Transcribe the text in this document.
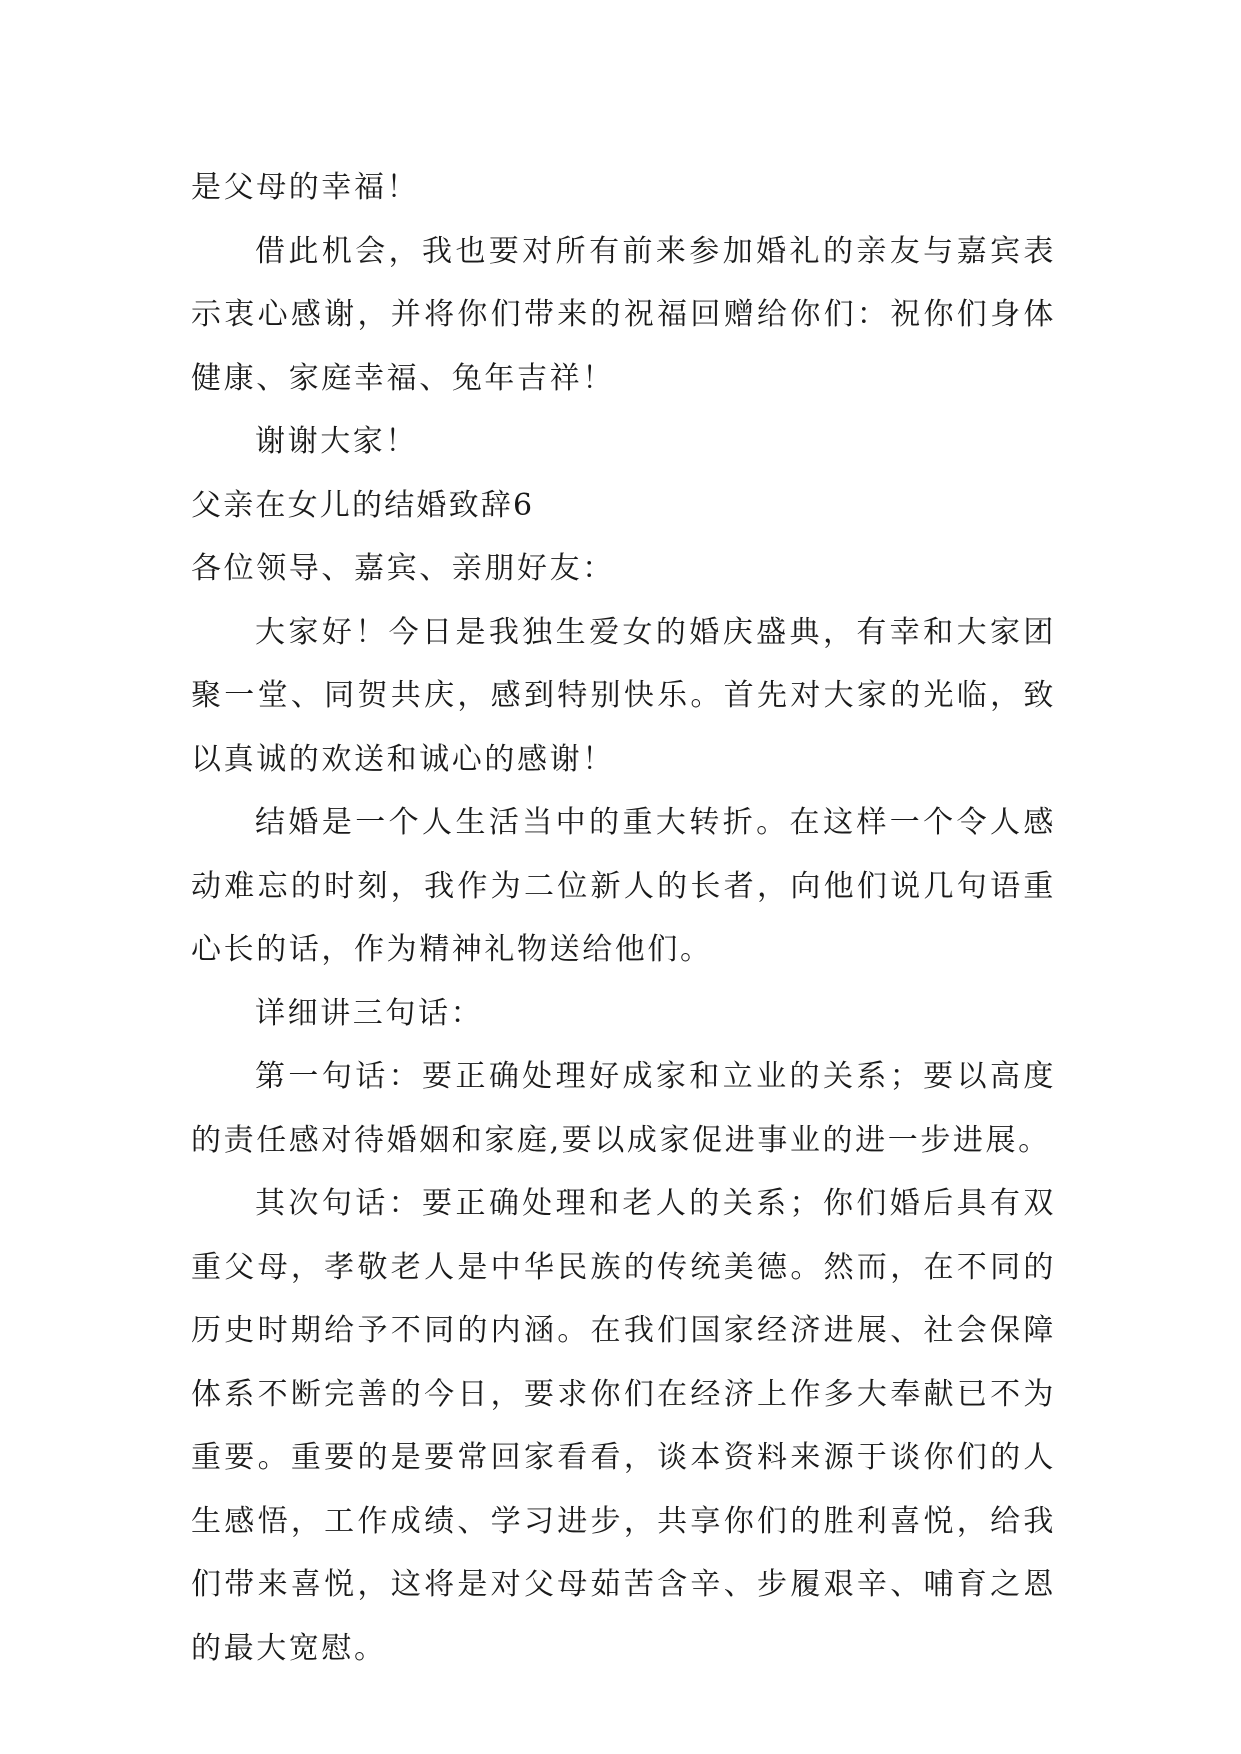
是父母的幸福！

借此机会，我也要对所有前来参加婚礼的亲友与嘉宾表示衷心感谢，并将你们带来的祝福回赠给你们：祝你们身体健康、家庭幸福、兔年吉祥！

谢谢大家！

父亲在女儿的结婚致辞6

各位领导、嘉宾、亲朋好友：

大家好！今日是我独生爱女的婚庆盛典，有幸和大家团聚一堂、同贺共庆，感到特别快乐。首先对大家的光临，致以真诚的欢送和诚心的感谢！

结婚是一个人生活当中的重大转折。在这样一个令人感动难忘的时刻，我作为二位新人的长者，向他们说几句语重心长的话，作为精神礼物送给他们。

详细讲三句话：

第一句话：要正确处理好成家和立业的关系；要以高度的责任感对待婚姻和家庭,要以成家促进事业的进一步进展。

其次句话：要正确处理和老人的关系；你们婚后具有双重父母，孝敬老人是中华民族的传统美德。然而，在不同的历史时期给予不同的内涵。在我们国家经济进展、社会保障体系不断完善的今日，要求你们在经济上作多大奉献已不为重要。重要的是要常回家看看，谈本资料来源于谈你们的人生感悟，工作成绩、学习进步，共享你们的胜利喜悦，给我们带来喜悦，这将是对父母茹苦含辛、步履艰辛、哺育之恩的最大宽慰。
